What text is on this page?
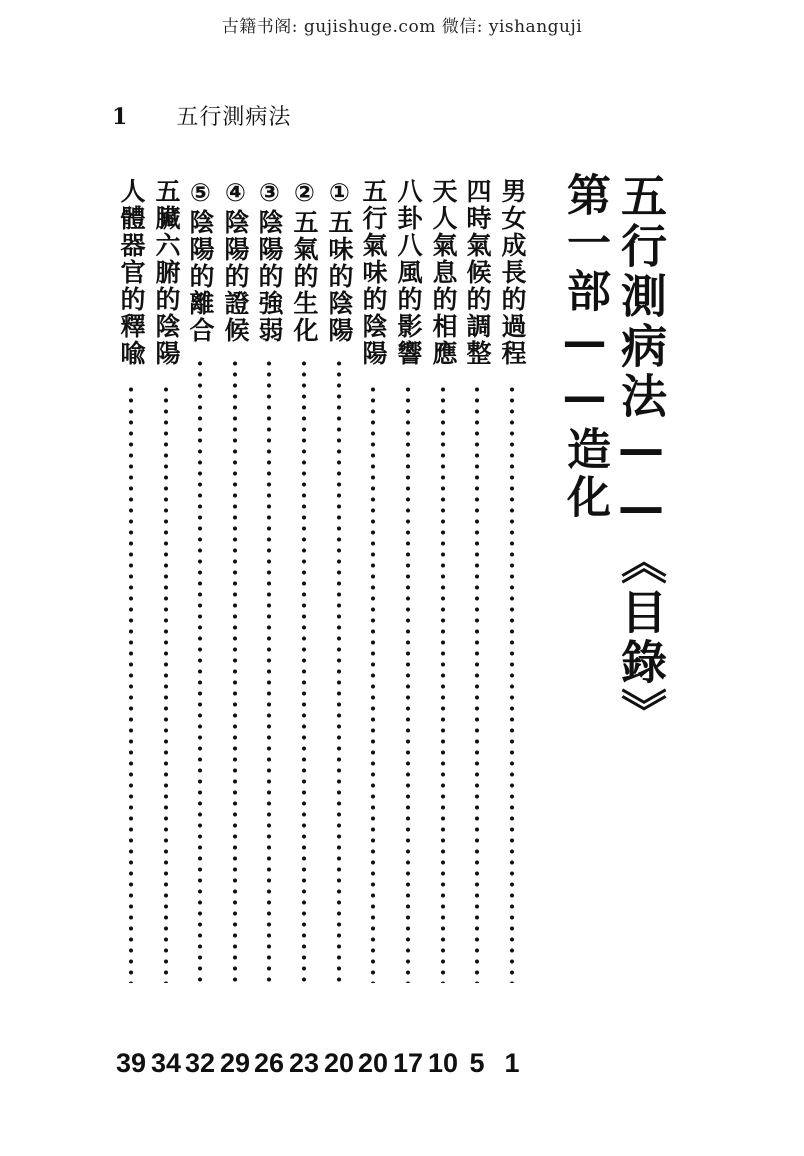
古籍书阁: gujishuge.com 微信: yishanguji
1 五行測病法
五行測病法——《目錄》
第一部——造化
男女成長的過程
1
四時氣候的調整
5
天人氣息的相應
10
八卦八風的影響
17
五行氣味的陰陽
20
①五味的陰陽
20
②五氣的生化
23
③陰陽的強弱
26
④陰陽的證候
29
⑤陰陽的離合
32
五臟六腑的陰陽
34
人體器官的釋喩
39
